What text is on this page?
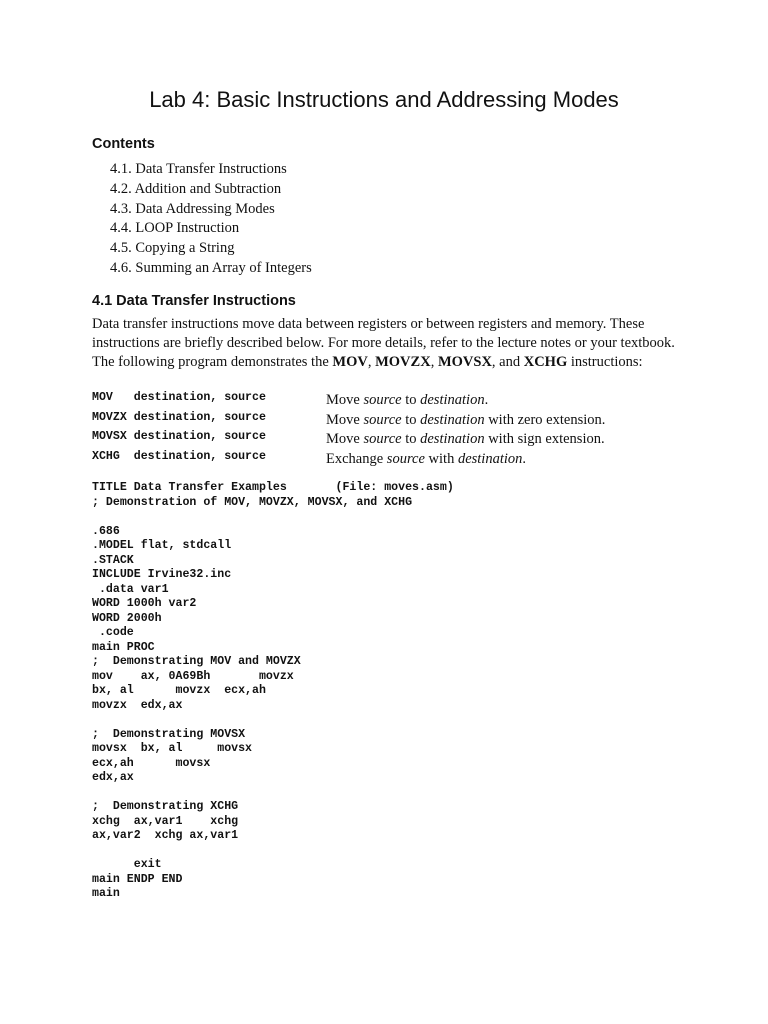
Lab 4: Basic Instructions and Addressing Modes
Contents
4.1. Data Transfer Instructions
4.2. Addition and Subtraction
4.3. Data Addressing Modes
4.4. LOOP Instruction
4.5. Copying a String
4.6. Summing an Array of Integers
4.1 Data Transfer Instructions

Data transfer instructions move data between registers or between registers and memory. These instructions are briefly described below. For more details, refer to the lecture notes or your textbook. The following program demonstrates the MOV, MOVZX, MOVSX, and XCHG instructions:

MOV   destination, source	Move source to destination.
MOVZX destination, source	Move source to destination with zero extension.
MOVSX destination, source	Move source to destination with sign extension.
XCHG  destination, source	Exchange source with destination.
TITLE Data Transfer Examples       (File: moves.asm)
; Demonstration of MOV, MOVZX, MOVSX, and XCHG

.686
.MODEL flat, stdcall
.STACK
INCLUDE Irvine32.inc
.data var1
WORD 1000h var2
WORD 2000h
.code
main PROC
;  Demonstrating MOV and MOVZX
mov    ax, 0A69Bh       movzx
bx, al      movzx  ecx,ah
movzx  edx,ax

;  Demonstrating MOVSX
movsx  bx, al     movsx
ecx,ah      movsx
edx,ax

;  Demonstrating XCHG
xchg  ax,var1    xchg
ax,var2  xchg ax,var1

exit
main ENDP END
main
